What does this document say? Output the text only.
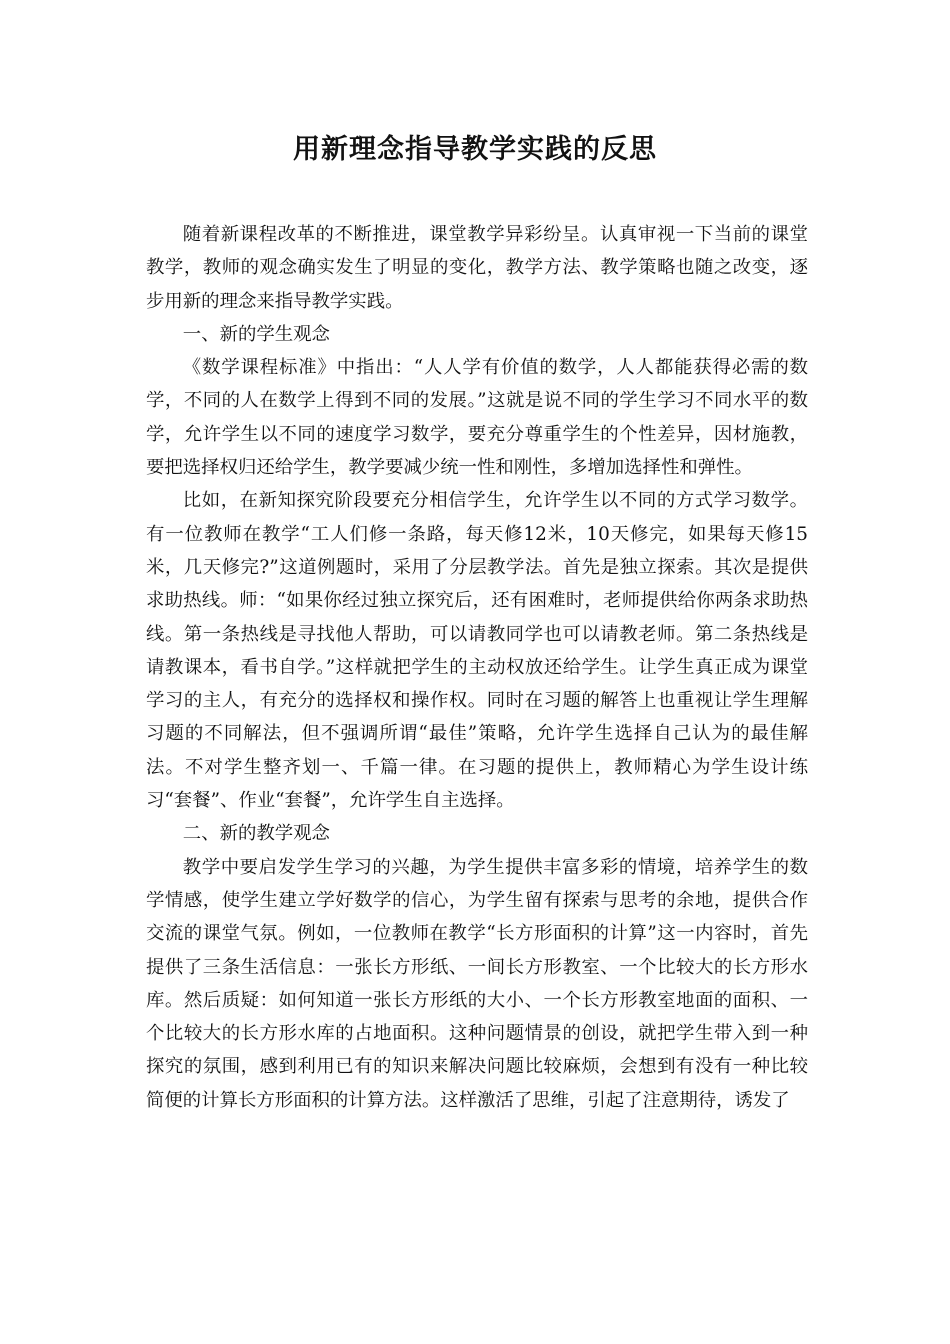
用新理念指导教学实践的反思

随着新课程改革的不断推进，课堂教学异彩纷呈。认真审视一下当前的课堂教学，教师的观念确实发生了明显的变化，教学方法、教学策略也随之改变，逐步用新的理念来指导教学实践。

一、新的学生观念

《数学课程标准》中指出：“人人学有价值的数学，人人都能获得必需的数学，不同的人在数学上得到不同的发展。”这就是说不同的学生学习不同水平的数学，允许学生以不同的速度学习数学，要充分尊重学生的个性差异，因材施教，要把选择权归还给学生，教学要减少统一性和刚性，多增加选择性和弹性。

比如，在新知探究阶段要充分相信学生，允许学生以不同的方式学习数学。有一位教师在教学“工人们修一条路，每天修12米，10天修完，如果每天修15米，几天修完?”这道例题时，采用了分层教学法。首先是独立探索。其次是提供求助热线。师：“如果你经过独立探究后，还有困难时，老师提供给你两条求助热线。第一条热线是寻找他人帮助，可以请教同学也可以请教老师。第二条热线是请教课本，看书自学。”这样就把学生的主动权放还给学生。让学生真正成为课堂学习的主人，有充分的选择权和操作权。同时在习题的解答上也重视让学生理解习题的不同解法，但不强调所谓“最佳”策略，允许学生选择自己认为的最佳解法。不对学生整齐划一、千篇一律。在习题的提供上，教师精心为学生设计练习“套餐”、作业“套餐”，允许学生自主选择。

二、新的教学观念

教学中要启发学生学习的兴趣，为学生提供丰富多彩的情境，培养学生的数学情感，使学生建立学好数学的信心，为学生留有探索与思考的余地，提供合作交流的课堂气氛。例如，一位教师在教学“长方形面积的计算”这一内容时，首先提供了三条生活信息：一张长方形纸、一间长方形教室、一个比较大的长方形水库。然后质疑：如何知道一张长方形纸的大小、一个长方形教室地面的面积、一个比较大的长方形水库的占地面积。这种问题情景的创设，就把学生带入到一种探究的氛围，感到利用已有的知识来解决问题比较麻烦，会想到有没有一种比较简便的计算长方形面积的计算方法。这样激活了思维，引起了注意期待，诱发了
